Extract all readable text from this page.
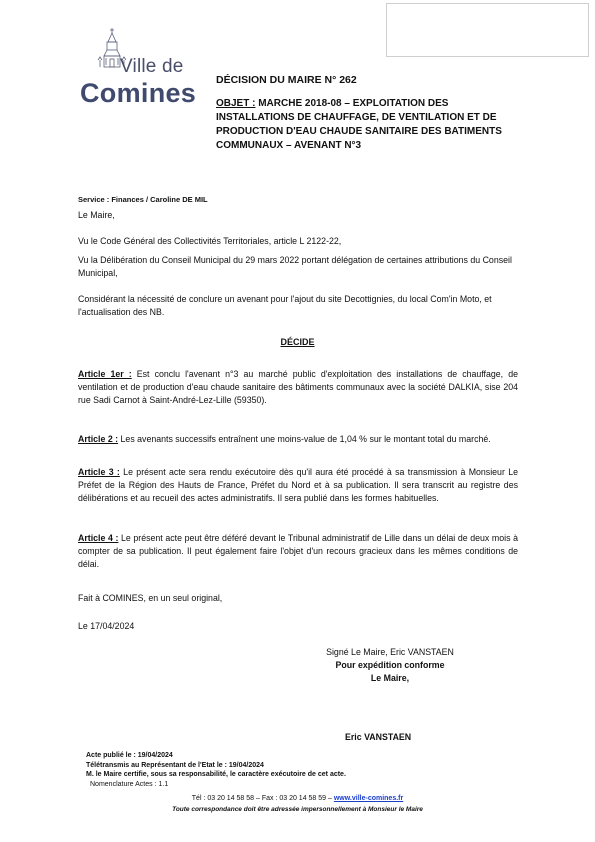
Ville de
Comines DÉCISION DU MAIRE N° 262
OBJET : MARCHE 2018-08 – EXPLOITATION DES INSTALLATIONS DE CHAUFFAGE, DE VENTILATION ET DE PRODUCTION D'EAU CHAUDE SANITAIRE DES BATIMENTS COMMUNAUX – AVENANT N°3
Service : Finances / Caroline DE MIL

Le Maire,

Vu le Code Général des Collectivités Territoriales, article L 2122-22,

Vu la Délibération du Conseil Municipal du 29 mars 2022 portant délégation de certaines attributions du Conseil Municipal,

Considérant la nécessité de conclure un avenant pour l'ajout du site Decottignies, du local Com'in Moto, et l'actualisation des NB.

DÉCIDE

Article 1er : Est conclu l'avenant n°3 au marché public d'exploitation des installations de chauffage, de ventilation et de production d'eau chaude sanitaire des bâtiments communaux avec la société DALKIA, sise 204 rue Sadi Carnot à Saint-André-Lez-Lille (59350).

Article 2 : Les avenants successifs entraînent une moins-value de 1,04 % sur le montant total du marché.

Article 3 : Le présent acte sera rendu exécutoire dès qu'il aura été procédé à sa transmission à Monsieur Le Préfet de la Région des Hauts de France, Préfet du Nord et à sa publication. Il sera transcrit au registre des délibérations et au recueil des actes administratifs. Il sera publié dans les formes habituelles.

Article 4 : Le présent acte peut être déféré devant le Tribunal administratif de Lille dans un délai de deux mois à compter de sa publication. Il peut également faire l'objet d'un recours gracieux dans les mêmes conditions de délai.

Fait à COMINES, en un seul original,

Le 17/04/2024

Signé Le Maire, Eric VANSTAEN
Pour expédition conforme
Le Maire,
Eric VANSTAEN
Acte publié le : 19/04/2024
Télétransmis au Représentant de l'Etat le : 19/04/2024
M. le Maire certifie, sous sa responsabilité, le caractère exécutoire de cet acte.
Nomenclature Actes : 1.1
Tél : 03 20 14 58 58 – Fax : 03 20 14 58 59 – www.ville-comines.fr
Toute correspondance doit être adressée impersonnellement à Monsieur le Maire
